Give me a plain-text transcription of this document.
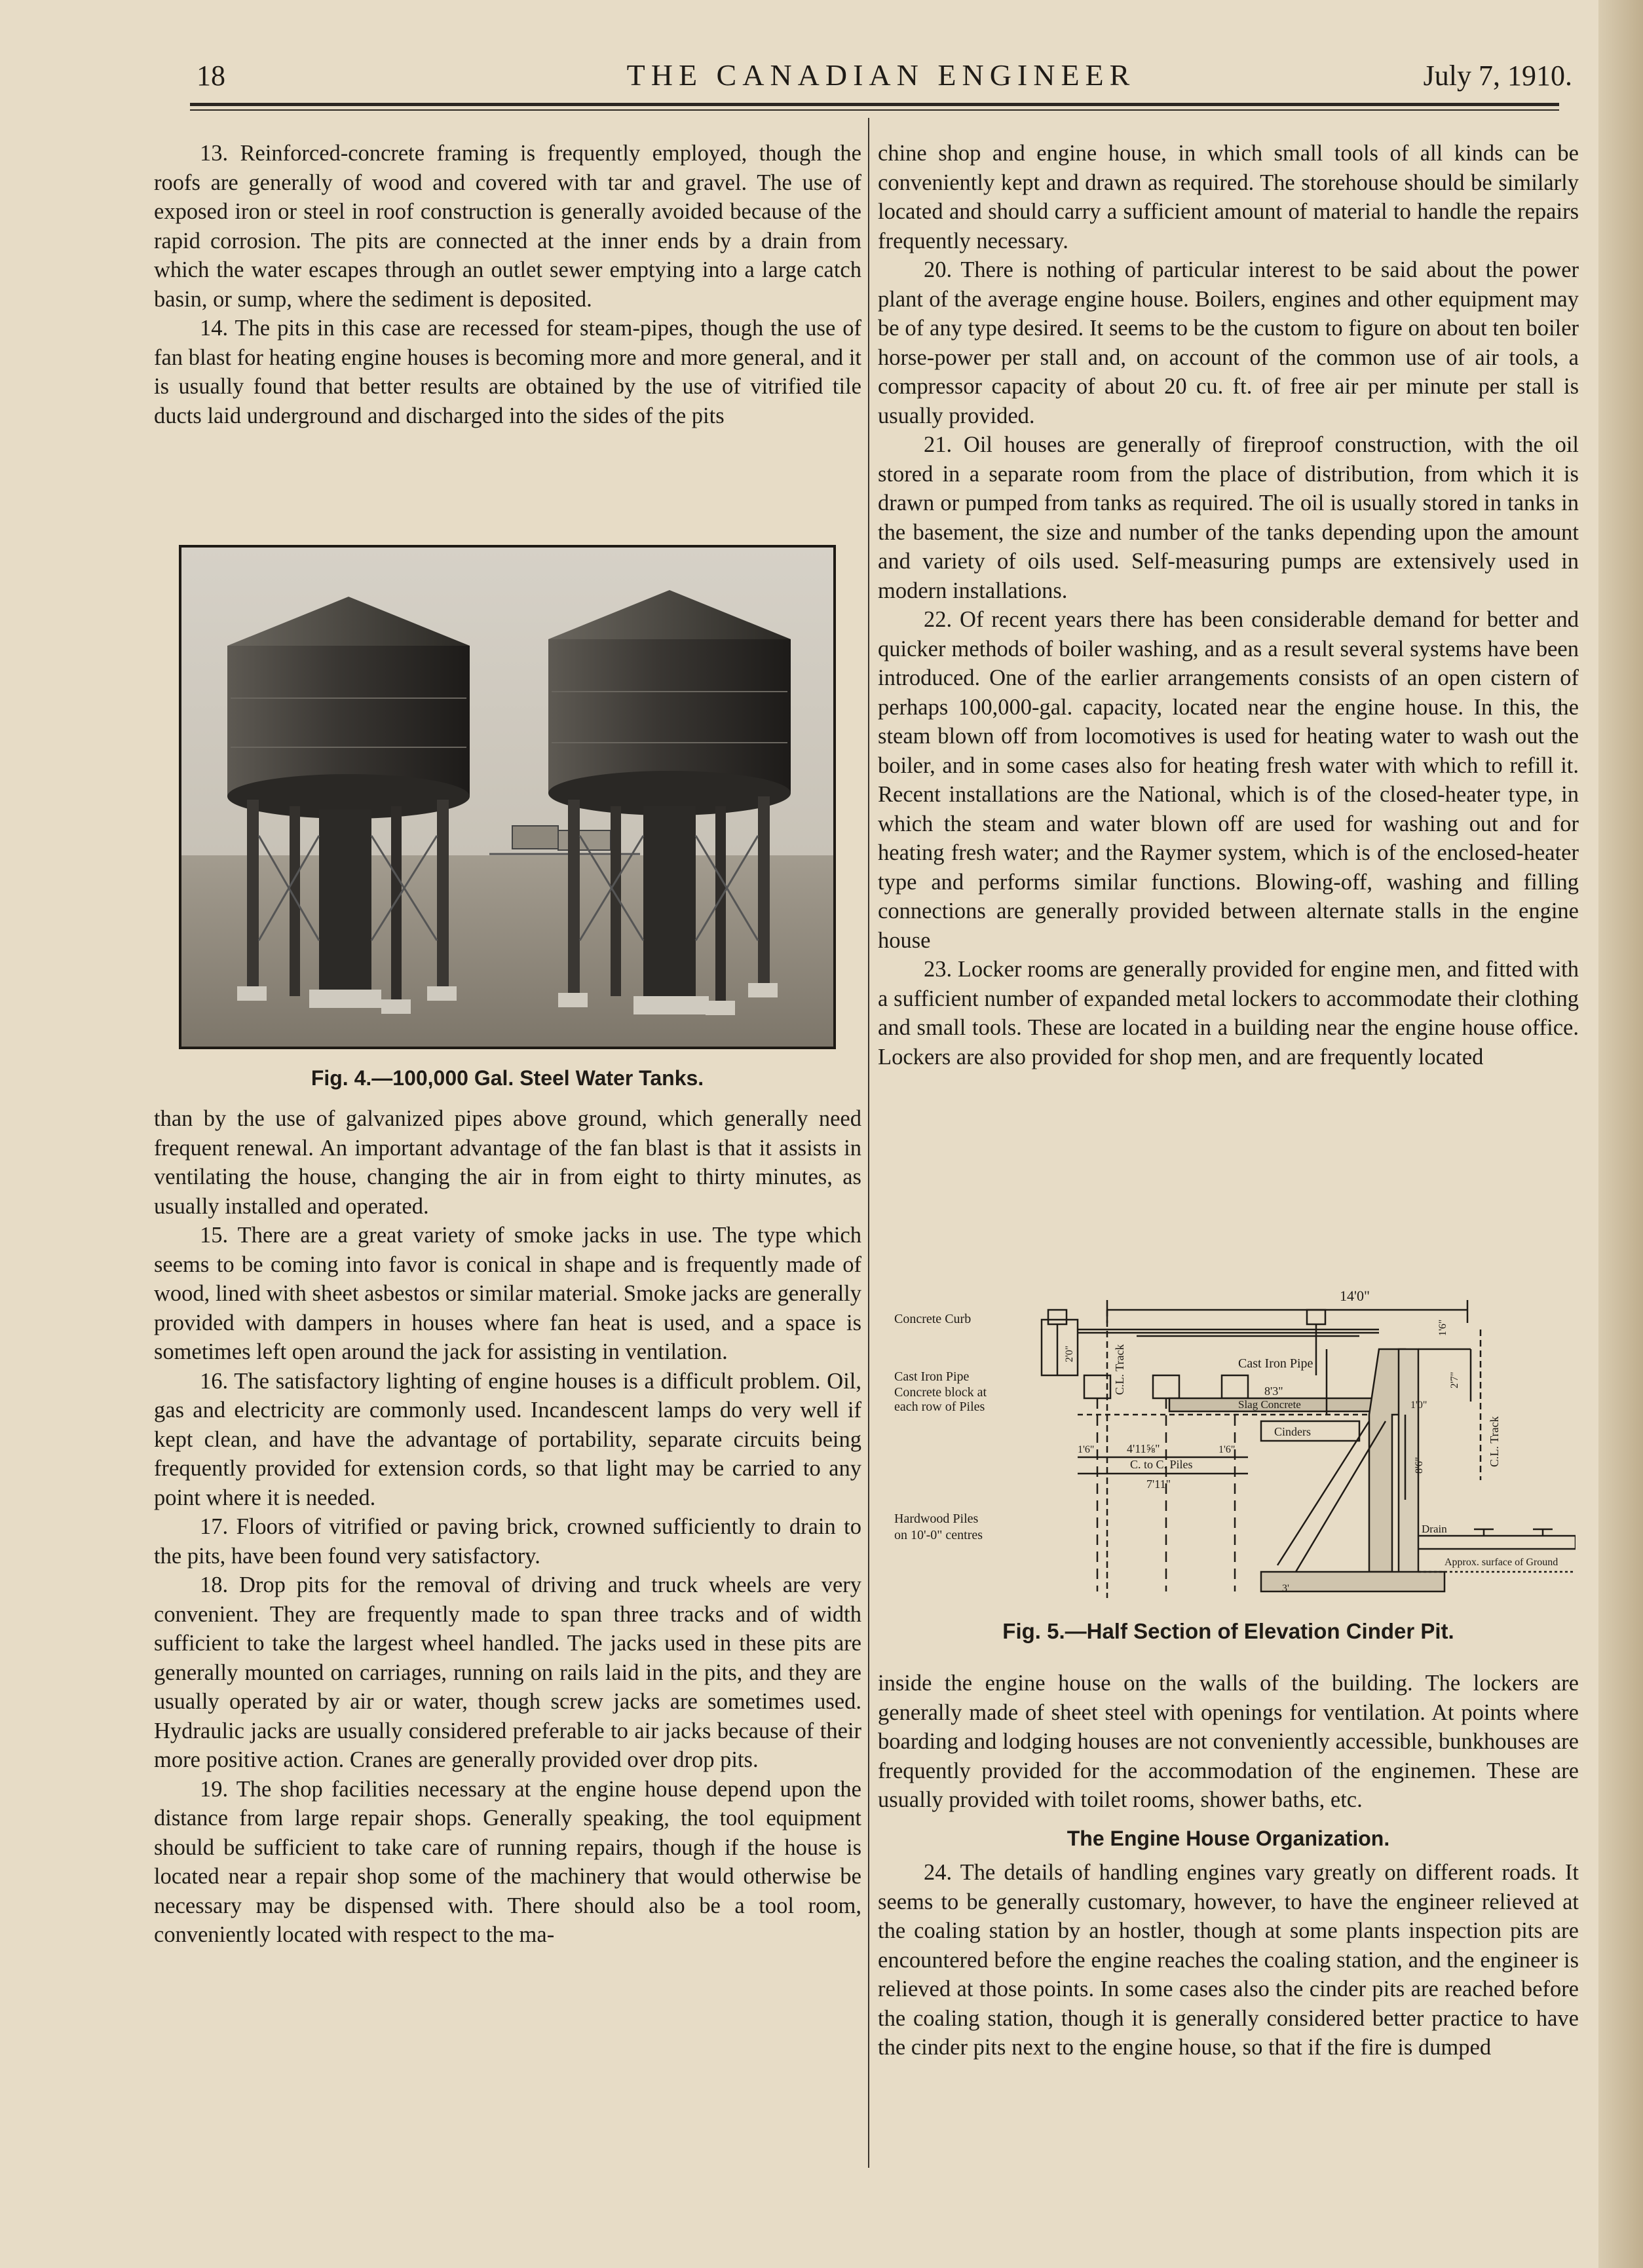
18	THE CANADIAN ENGINEER	July 7, 1910.

13. Reinforced-concrete framing is frequently employed, though the roofs are generally of wood and covered with tar and gravel. The use of exposed iron or steel in roof construction is generally avoided because of the rapid corrosion. The pits are connected at the inner ends by a drain from which the water escapes through an outlet sewer emptying into a large catch basin, or sump, where the sediment is deposited.

14. The pits in this case are recessed for steam-pipes, though the use of fan blast for heating engine houses is becoming more and more general, and it is usually found that better results are obtained by the use of vitrified tile ducts laid underground and discharged into the sides of the pits

Fig. 4.—100,000 Gal. Steel Water Tanks.

than by the use of galvanized pipes above ground, which generally need frequent renewal. An important advantage of the fan blast is that it assists in ventilating the house, changing the air in from eight to thirty minutes, as usually installed and operated.

15. There are a great variety of smoke jacks in use. The type which seems to be coming into favor is conical in shape and is frequently made of wood, lined with sheet asbestos or similar material. Smoke jacks are generally provided with dampers in houses where fan heat is used, and a space is sometimes left open around the jack for assisting in ventilation.

16. The satisfactory lighting of engine houses is a difficult problem. Oil, gas and electricity are commonly used. Incandescent lamps do very well if kept clean, and have the advantage of portability, separate circuits being frequently provided for extension cords, so that light may be carried to any point where it is needed.

17. Floors of vitrified or paving brick, crowned sufficiently to drain to the pits, have been found very satisfactory.

18. Drop pits for the removal of driving and truck wheels are very convenient. They are frequently made to span three tracks and of width sufficient to take the largest wheel handled. The jacks used in these pits are generally mounted on carriages, running on rails laid in the pits, and they are usually operated by air or water, though screw jacks are sometimes used. Hydraulic jacks are usually considered preferable to air jacks because of their more positive action. Cranes are generally provided over drop pits.

19. The shop facilities necessary at the engine house depend upon the distance from large repair shops. Generally speaking, the tool equipment should be sufficient to take care of running repairs, though if the house is located near a repair shop some of the machinery that would otherwise be necessary may be dispensed with. There should also be a tool room, conveniently located with respect to the ma-

chine shop and engine house, in which small tools of all kinds can be conveniently kept and drawn as required. The storehouse should be similarly located and should carry a sufficient amount of material to handle the repairs frequently necessary.

20. There is nothing of particular interest to be said about the power plant of the average engine house. Boilers, engines and other equipment may be of any type desired. It seems to be the custom to figure on about ten boiler horse-power per stall and, on account of the common use of air tools, a compressor capacity of about 20 cu. ft. of free air per minute per stall is usually provided.

21. Oil houses are generally of fireproof construction, with the oil stored in a separate room from the place of distribution, from which it is drawn or pumped from tanks as required. The oil is usually stored in tanks in the basement, the size and number of the tanks depending upon the amount and variety of oils used. Self-measuring pumps are extensively used in modern installations.

22. Of recent years there has been considerable demand for better and quicker methods of boiler washing, and as a result several systems have been introduced. One of the earlier arrangements consists of an open cistern of perhaps 100,000-gal. capacity, located near the engine house. In this, the steam blown off from locomotives is used for heating water to wash out the boiler, and in some cases also for heating fresh water with which to refill it. Recent installations are the National, which is of the closed-heater type, in which the steam and water blown off are used for washing out and for heating fresh water; and the Raymer system, which is of the enclosed-heater type and performs similar functions. Blowing-off, washing and filling connections are generally provided between alternate stalls in the engine house

23. Locker rooms are generally provided for engine men, and fitted with a sufficient number of expanded metal lockers to accommodate their clothing and small tools. These are located in a building near the engine house office. Lockers are also provided for shop men, and are frequently located

Concrete Curb
Cast Iron Pipe
Concrete block at
each row of Piles
Hardwood Piles
on 10'-0" centres
Cast Iron Pipe
Slag Concrete
Cinders
Drain
Approx. surface of Ground
14'0"
8'3"
4'11⅝"
C. to C. Piles
7'11"
1'6"	1'6"
1'0"
3'
2'0"
2'7"
8'6"
1'6"
C.L. Track
C.L. Track
Fig. 5.—Half Section of Elevation Cinder Pit.

inside the engine house on the walls of the building. The lockers are generally made of sheet steel with openings for ventilation. At points where boarding and lodging houses are not conveniently accessible, bunkhouses are frequently provided for the accommodation of the enginemen. These are usually provided with toilet rooms, shower baths, etc.

The Engine House Organization.

24. The details of handling engines vary greatly on different roads. It seems to be generally customary, however, to have the engineer relieved at the coaling station by an hostler, though at some plants inspection pits are encountered before the engine reaches the coaling station, and the engineer is relieved at those points. In some cases also the cinder pits are reached before the coaling station, though it is generally considered better practice to have the cinder pits next to the engine house, so that if the fire is dumped
